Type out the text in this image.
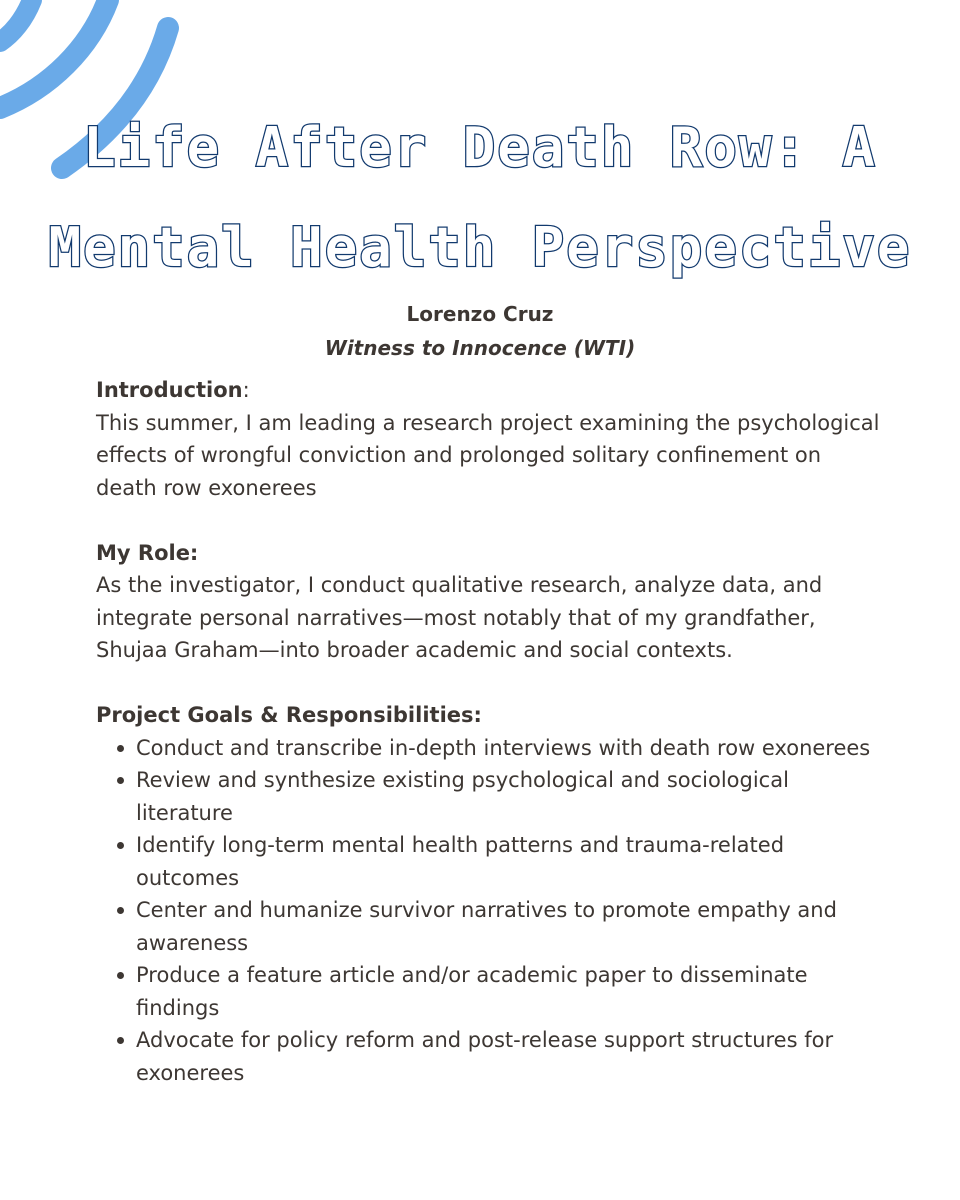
Life After Death Row: A
Mental Health Perspective
Lorenzo Cruz
Witness to Innocence (WTI)

Introduction:

This summer, I am leading a research project examining the psychological effects of wrongful conviction and prolonged solitary confinement on death row exonerees

My Role:

As the investigator, I conduct qualitative research, analyze data, and integrate personal narratives—most notably that of my grandfather, Shujaa Graham—into broader academic and social contexts.

Project Goals & Responsibilities:

Conduct and transcribe in-depth interviews with death row exonerees
Review and synthesize existing psychological and sociological literature
Identify long-term mental health patterns and trauma-related outcomes
Center and humanize survivor narratives to promote empathy and awareness
Produce a feature article and/or academic paper to disseminate findings
Advocate for policy reform and post-release support structures for exonerees
